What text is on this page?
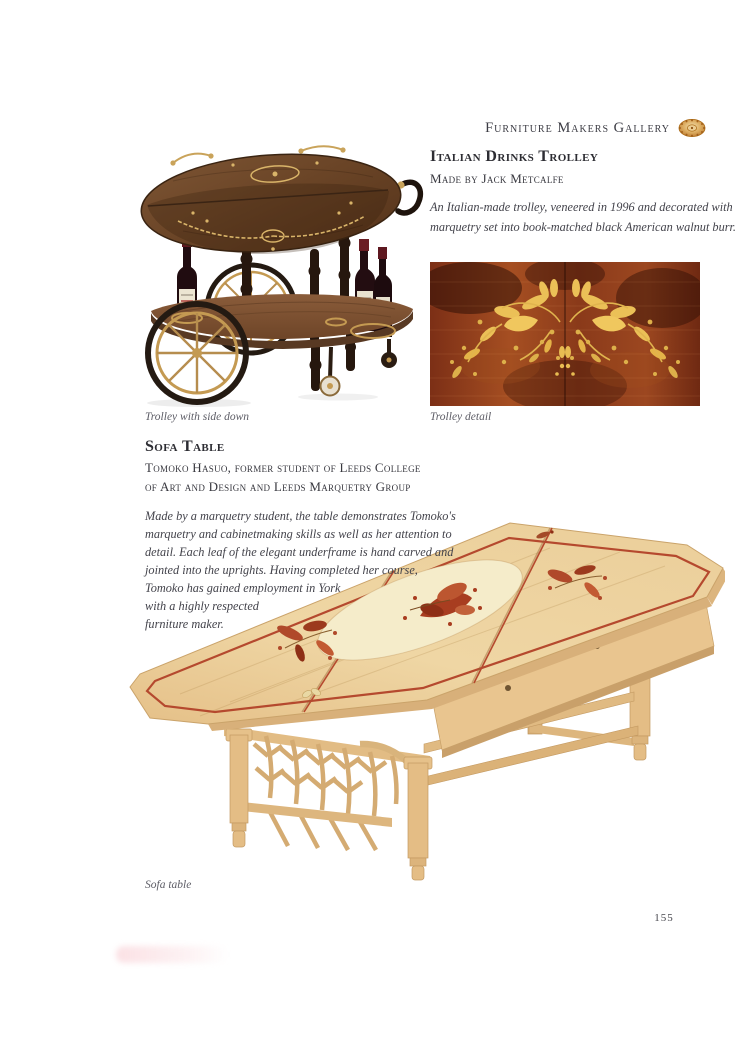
Furniture Makers Gallery
Italian Drinks Trolley
Made by Jack Metcalfe
An Italian-made trolley, veneered in 1996 and decorated with
marquetry set into book-matched black American walnut burr.
Trolley with side down	Trolley detail
Sofa Table
Tomoko Hasuo, former student of Leeds College
of Art and Design and Leeds Marquetry Group
Made by a marquetry student, the table demonstrates Tomoko's
marquetry and cabinetmaking skills as well as her attention to
detail. Each leaf of the elegant underframe is hand carved and
jointed into the uprights. Having completed her course,
Tomoko has gained employment in York
with a highly respected
furniture maker.
Sofa table
155
